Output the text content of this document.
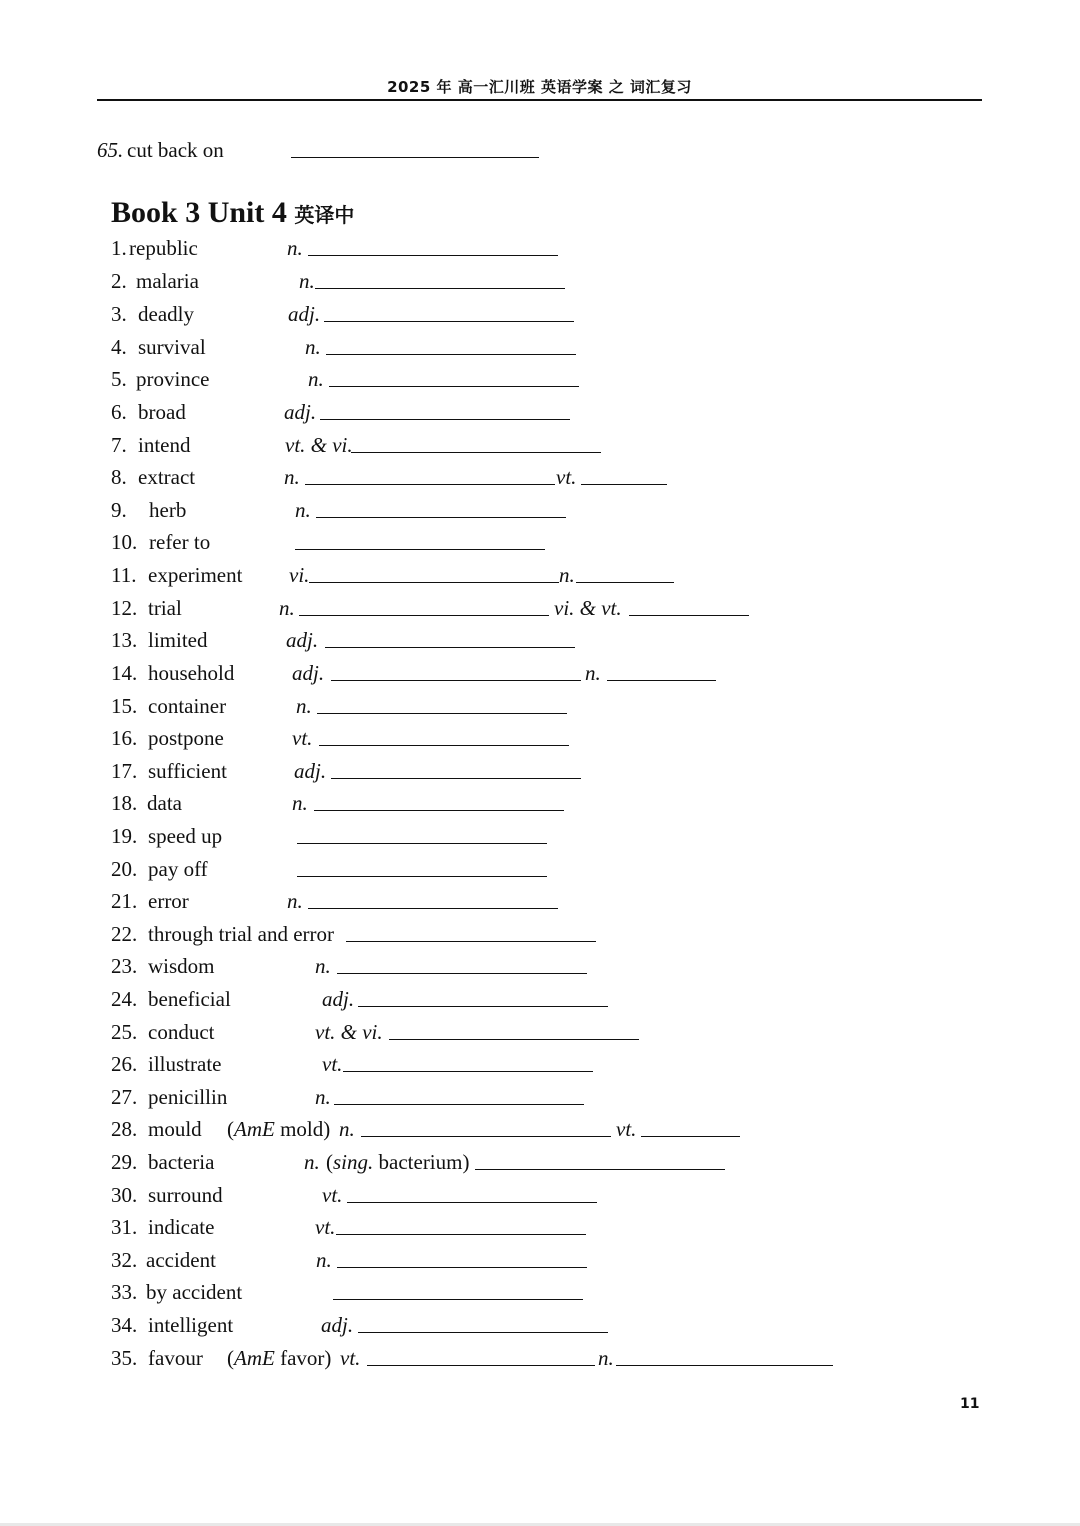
2025 年 高一汇川班 英语学案 之 词汇复习
65. cut back on
Book 3 Unit 4 英译中
1. republic	n.
2. malaria	n.
3. deadly	adj.
4. survival	n.
5. province	n.
6. broad	adj.
7. intend	vt. & vi.
8. extract	n.	vt.
9. herb	n.
10. refer to
11. experiment vi.	n.
12. trial	n.	vi. & vt.
13. limited	adj.
14. household	adj.	n.
15. container	n.
16. postpone	vt.
17. sufficient	adj.
18. data	n.
19. speed up
20. pay off
21. error	n.
22. through trial and error
23. wisdom	n.
24. beneficial	adj.
25. conduct	vt. & vi.
26. illustrate	vt.
27. penicillin	n.
28. mould (AmE mold) n.	vt.
29. bacteria	n. (sing. bacterium)
30. surround	vt.
31. indicate	vt.
32. accident	n.
33. by accident
34. intelligent	adj.
35. favour (AmE favor) vt.	n.
11
